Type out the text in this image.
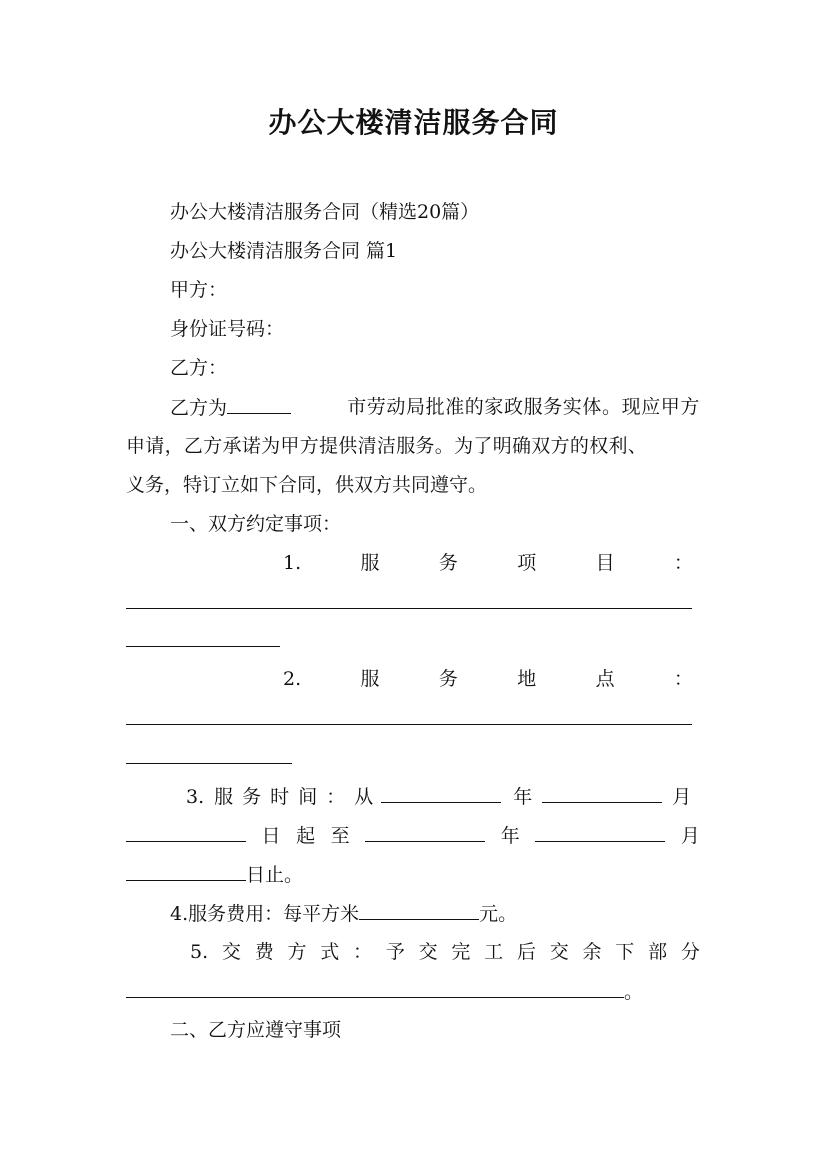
办公大楼清洁服务合同
办公大楼清洁服务合同（精选20篇）
办公大楼清洁服务合同 篇1
甲方：
身份证号码：
乙方：
乙方为	市劳动局批准的家政服务实体。现应甲方
申请，乙方承诺为甲方提供清洁服务。为了明确双方的权利、
义务，特订立如下合同，供双方共同遵守。
一、双方约定事项：
1.	服	务	项	目	：
2.	服	务	地	点	：
3. 服 务 时 间 ： 从	年	月
日 起 至	年	月
日止。
4.服务费用：每平方米	元。
5. 交 费 方 式 ： 予 交 完 工 后 交 余 下 部 分
。
二、乙方应遵守事项
